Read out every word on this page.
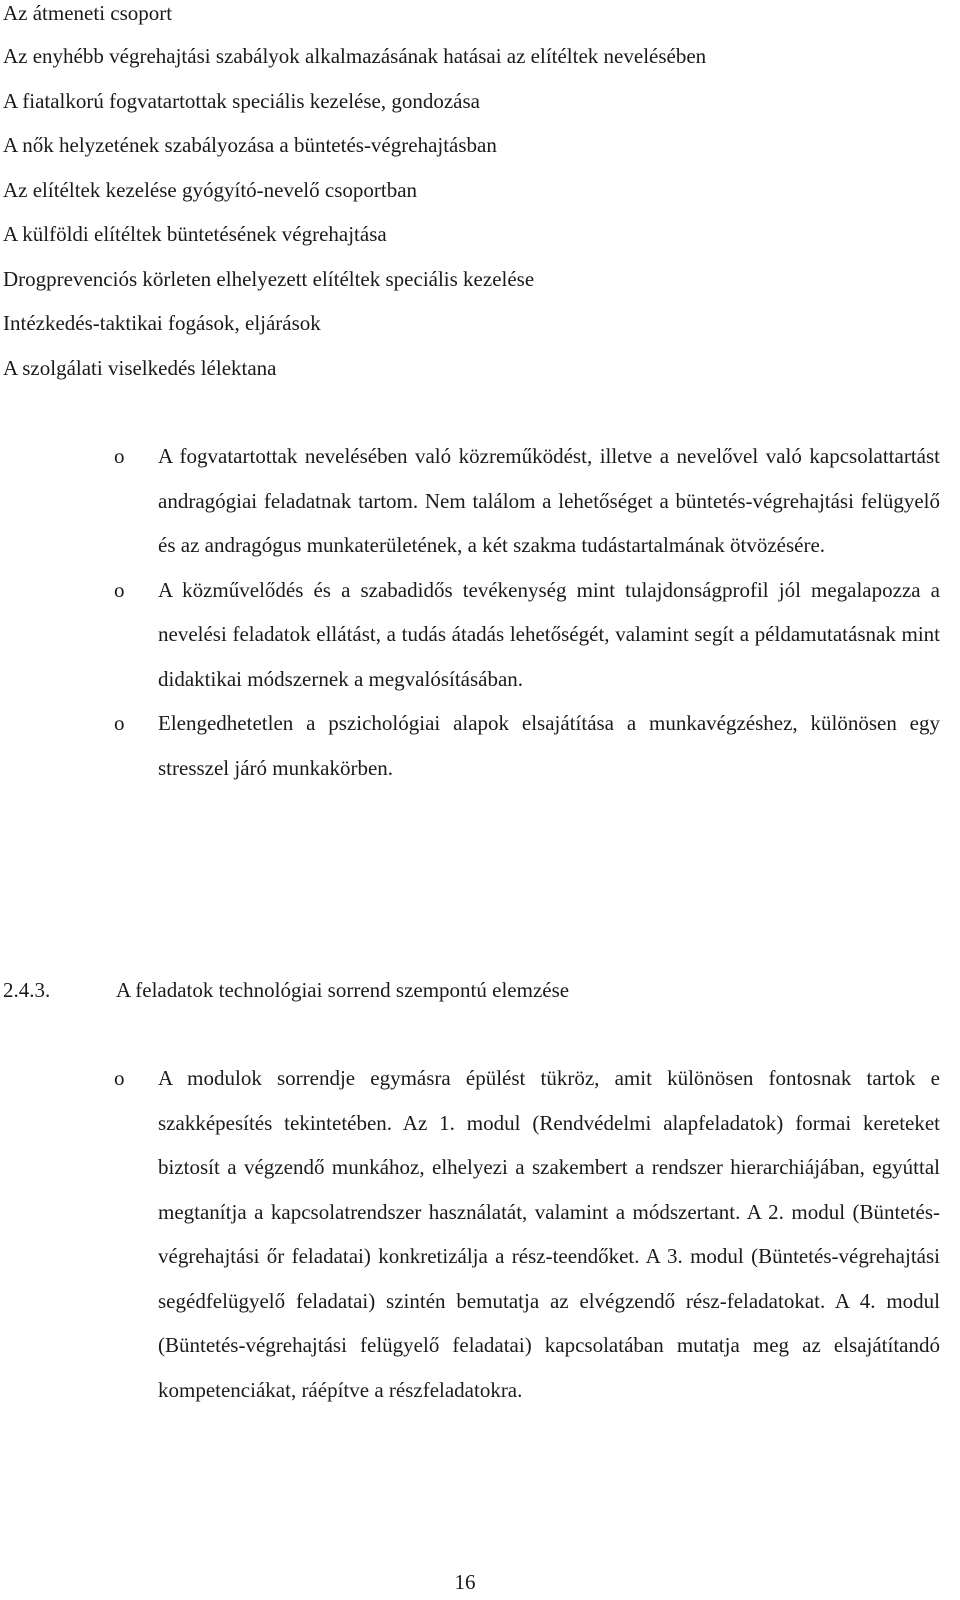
Az átmeneti csoport
Az enyhébb végrehajtási szabályok alkalmazásának hatásai az elítéltek nevelésében
A fiatalkorú fogvatartottak speciális kezelése, gondozása
A nők helyzetének szabályozása a büntetés-végrehajtásban
Az elítéltek kezelése gyógyító-nevelő csoportban
A külföldi elítéltek büntetésének végrehajtása
Drogprevenciós körleten elhelyezett elítéltek speciális kezelése
Intézkedés-taktikai fogások, eljárások
A szolgálati viselkedés lélektana
o A fogvatartottak nevelésében való közreműködést, illetve a nevelővel való kapcsolattartást andragógiai feladatnak tartom. Nem találom a lehetőséget a büntetés-végrehajtási felügyelő és az andragógus munkaterületének, a két szakma tudástartalmának ötvözésére.
o A közművelődés és a szabadidős tevékenység mint tulajdonságprofil jól megalapozza a nevelési feladatok ellátást, a tudás átadás lehetőségét, valamint segít a példamutatásnak mint didaktikai módszernek a megvalósításában.
o Elengedhetetlen a pszichológiai alapok elsajátítása a munkavégzéshez, különösen egy stresszel járó munkakörben.
2.4.3.	A feladatok technológiai sorrend szempontú elemzése
o A modulok sorrendje egymásra épülést tükröz, amit különösen fontosnak tartok e szakképesítés tekintetében. Az 1. modul (Rendvédelmi alapfeladatok) formai kereteket biztosít a végzendő munkához, elhelyezi a szakembert a rendszer hierarchiájában, egyúttal megtanítja a kapcsolatrendszer használatát, valamint a módszertant. A 2. modul (Büntetés-végrehajtási őr feladatai) konkretizálja a rész-teendőket. A 3. modul (Büntetés-végrehajtási segédfelügyelő feladatai) szintén bemutatja az elvégzendő rész-feladatokat. A 4. modul (Büntetés-végrehajtási felügyelő feladatai) kapcsolatában mutatja meg az elsajátítandó kompetenciákat, ráépítve a részfeladatokra.
16
